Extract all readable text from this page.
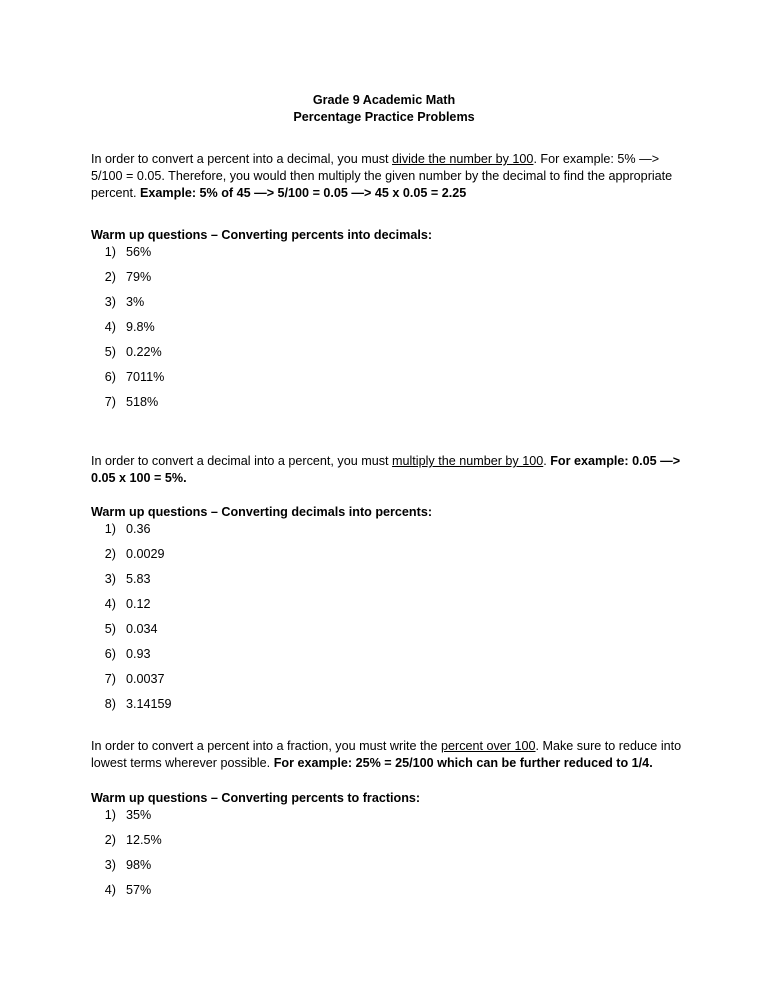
Grade 9 Academic Math
Percentage Practice Problems
In order to convert a percent into a decimal, you must divide the number by 100. For example: 5% —> 5/100 = 0.05. Therefore, you would then multiply the given number by the decimal to find the appropriate percent. Example: 5% of 45 —> 5/100 = 0.05 —> 45 x 0.05 = 2.25
Warm up questions – Converting percents into decimals:
1) 56%
2) 79%
3) 3%
4) 9.8%
5) 0.22%
6) 7011%
7) 518%
In order to convert a decimal into a percent, you must multiply the number by 100. For example: 0.05 —> 0.05 x 100 = 5%.
Warm up questions – Converting decimals into percents:
1) 0.36
2) 0.0029
3) 5.83
4) 0.12
5) 0.034
6) 0.93
7) 0.0037
8) 3.14159
In order to convert a percent into a fraction, you must write the percent over 100. Make sure to reduce into lowest terms wherever possible. For example: 25% = 25/100 which can be further reduced to 1/4.
Warm up questions – Converting percents to fractions:
1) 35%
2) 12.5%
3) 98%
4) 57%
